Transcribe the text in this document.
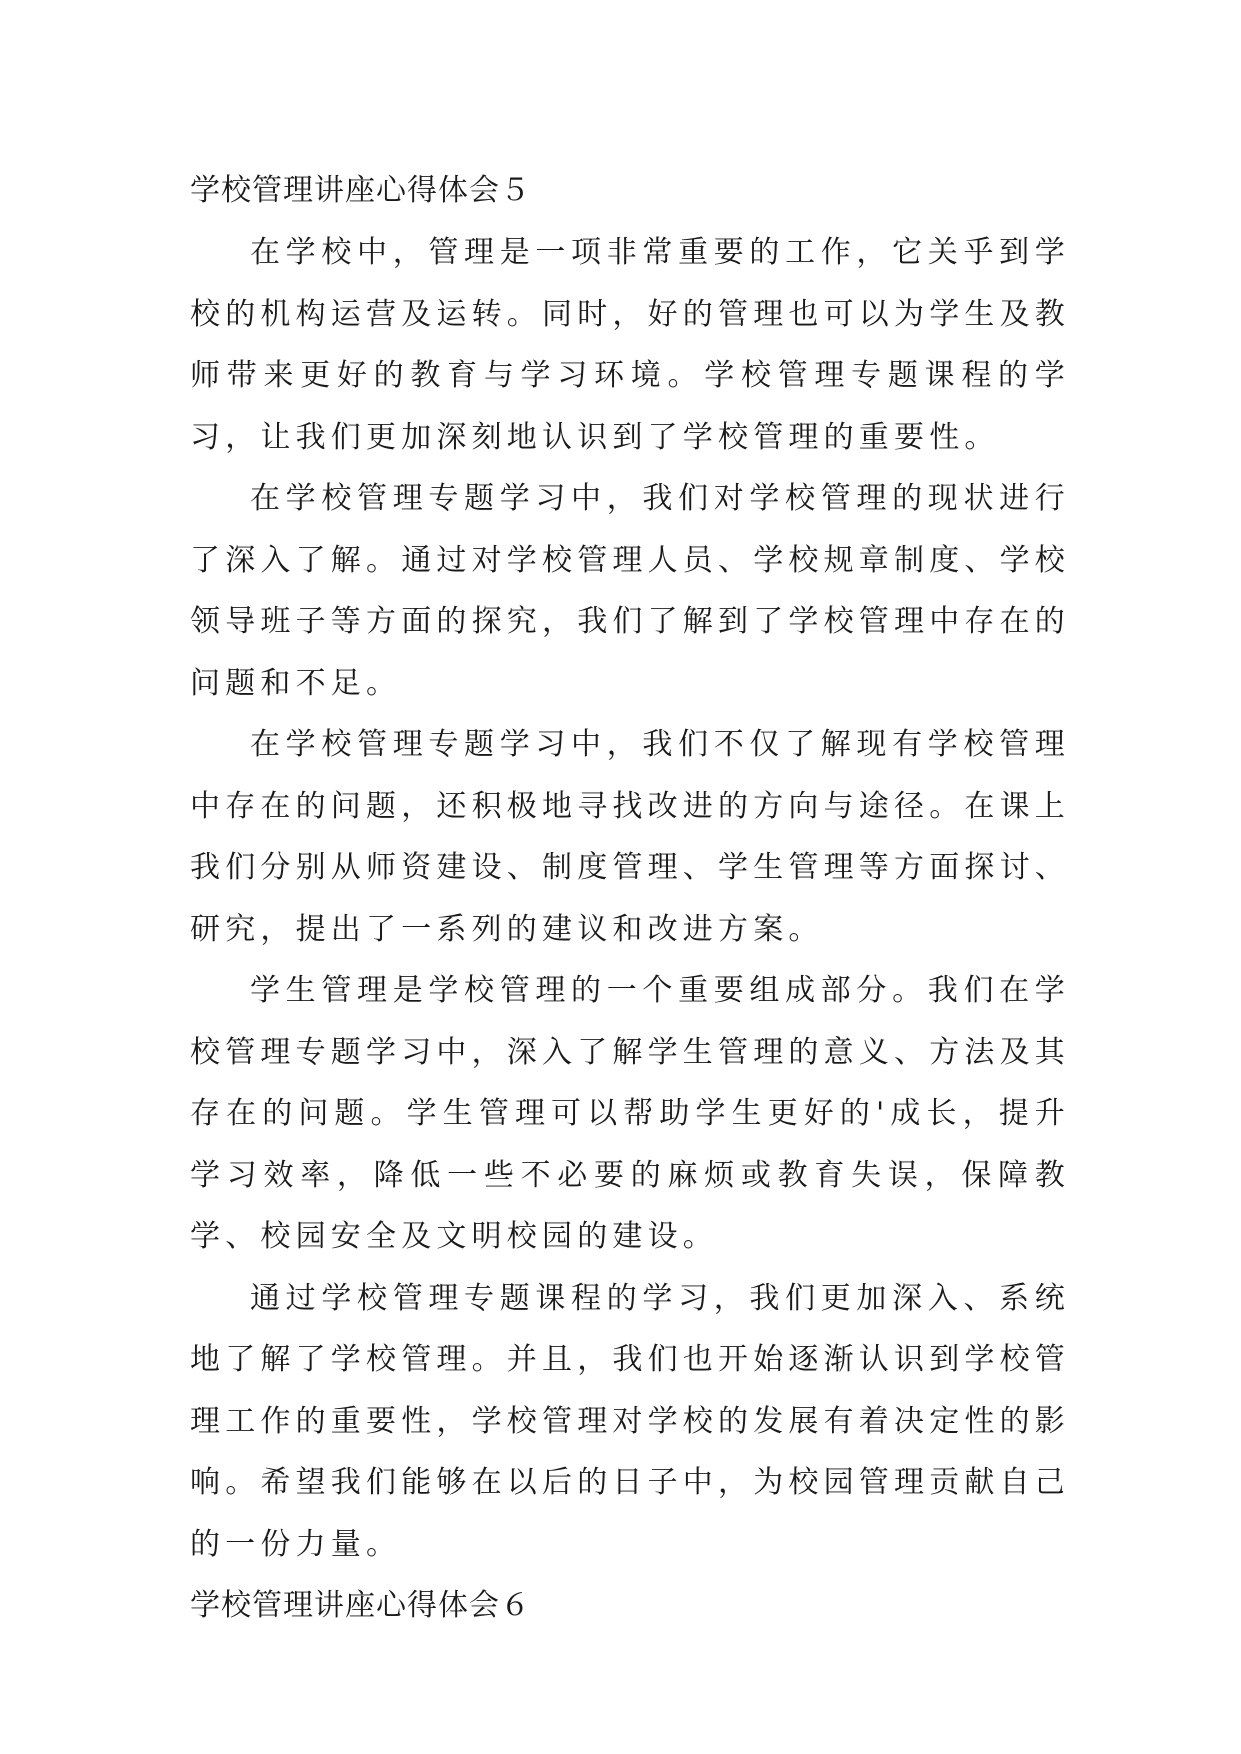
学校管理讲座心得体会５

在学校中，管理是一项非常重要的工作，它关乎到学校的机构运营及运转。同时，好的管理也可以为学生及教师带来更好的教育与学习环境。学校管理专题课程的学习，让我们更加深刻地认识到了学校管理的重要性。

在学校管理专题学习中，我们对学校管理的现状进行了深入了解。通过对学校管理人员、学校规章制度、学校领导班子等方面的探究，我们了解到了学校管理中存在的问题和不足。

在学校管理专题学习中，我们不仅了解现有学校管理中存在的问题，还积极地寻找改进的方向与途径。在课上我们分别从师资建设、制度管理、学生管理等方面探讨、研究，提出了一系列的建议和改进方案。

学生管理是学校管理的一个重要组成部分。我们在学校管理专题学习中，深入了解学生管理的意义、方法及其存在的问题。学生管理可以帮助学生更好的'成长，提升学习效率，降低一些不必要的麻烦或教育失误，保障教学、校园安全及文明校园的建设。

通过学校管理专题课程的学习，我们更加深入、系统地了解了学校管理。并且，我们也开始逐渐认识到学校管理工作的重要性，学校管理对学校的发展有着决定性的影响。希望我们能够在以后的日子中，为校园管理贡献自己的一份力量。

学校管理讲座心得体会６
